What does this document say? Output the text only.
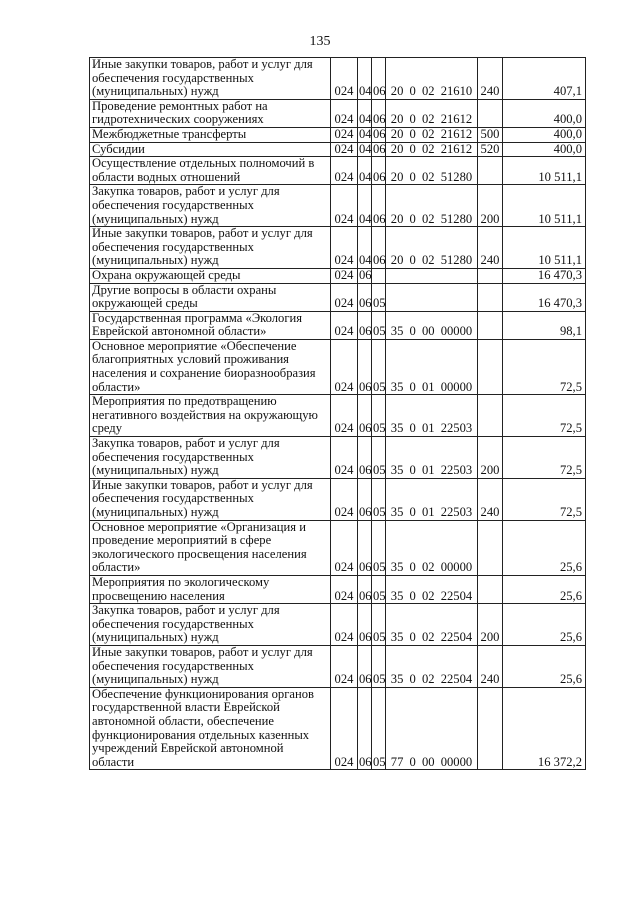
135
Иные закупки товаров, работ и услуг для обеспечения государственных (муниципальных) нужд	024	04	06	20 0 02 21610	240	407,1
Проведение ремонтных работ на гидротехнических сооружениях	024	04	06	20 0 02 21612		400,0
Межбюджетные трансферты	024	04	06	20 0 02 21612	500	400,0
Субсидии	024	04	06	20 0 02 21612	520	400,0
Осуществление отдельных полномочий в области водных отношений	024	04	06	20 0 02 51280		10 511,1
Закупка товаров, работ и услуг для обеспечения государственных (муниципальных) нужд	024	04	06	20 0 02 51280	200	10 511,1
Иные закупки товаров, работ и услуг для обеспечения государственных (муниципальных) нужд	024	04	06	20 0 02 51280	240	10 511,1
Охрана окружающей среды	024	06				16 470,3
Другие вопросы в области охраны окружающей среды	024	06	05			16 470,3
Государственная программа «Экология Еврейской автономной области»	024	06	05	35 0 00 00000		98,1
Основное мероприятие «Обеспечение благоприятных условий проживания населения и сохранение биоразнообразия области»	024	06	05	35 0 01 00000		72,5
Мероприятия по предотвращению негативного воздействия на окружающую среду	024	06	05	35 0 01 22503		72,5
Закупка товаров, работ и услуг для обеспечения государственных (муниципальных) нужд	024	06	05	35 0 01 22503	200	72,5
Иные закупки товаров, работ и услуг для обеспечения государственных (муниципальных) нужд	024	06	05	35 0 01 22503	240	72,5
Основное мероприятие «Организация и проведение мероприятий в сфере экологического просвещения населения области»	024	06	05	35 0 02 00000		25,6
Мероприятия по экологическому просвещению населения	024	06	05	35 0 02 22504		25,6
Закупка товаров, работ и услуг для обеспечения государственных (муниципальных) нужд	024	06	05	35 0 02 22504	200	25,6
Иные закупки товаров, работ и услуг для обеспечения государственных (муниципальных) нужд	024	06	05	35 0 02 22504	240	25,6
Обеспечение функционирования органов государственной власти Еврейской автономной области, обеспечение функционирования отдельных казенных учреждений Еврейской автономной области	024	06	05	77 0 00 00000		16 372,2
